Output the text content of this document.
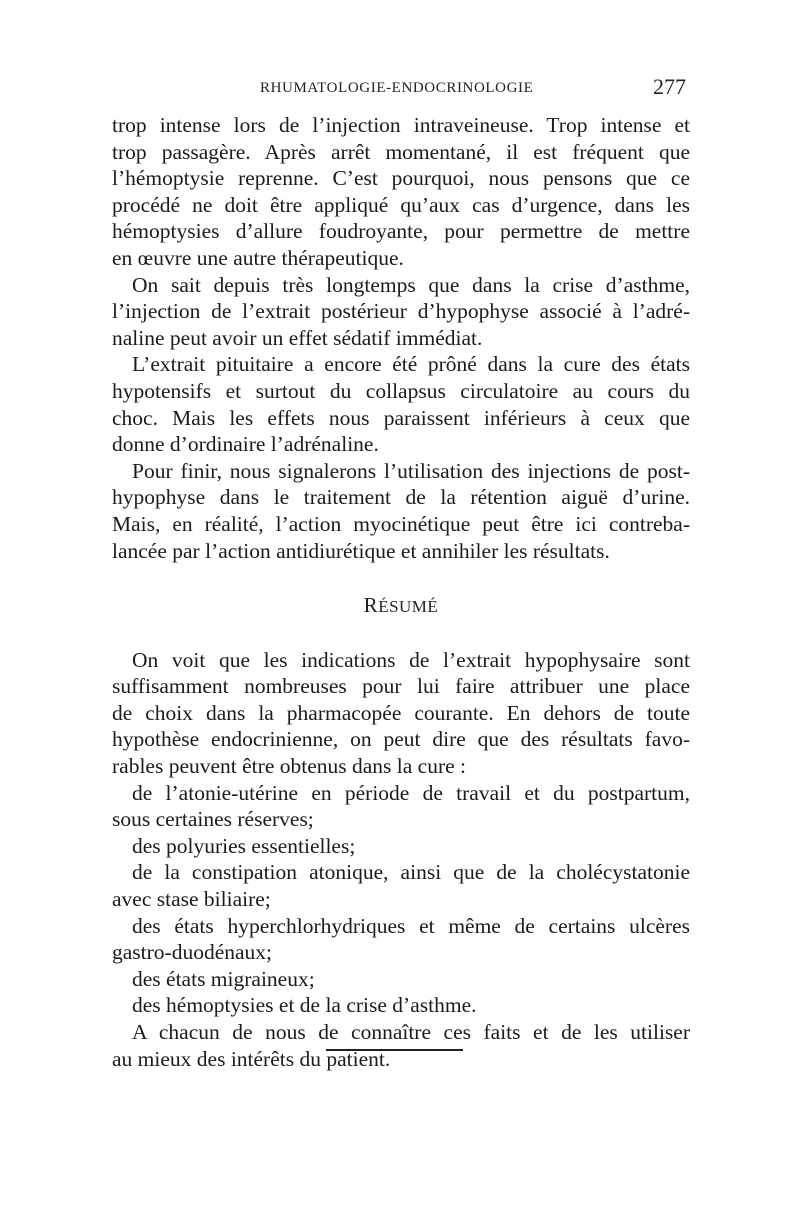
RHUMATOLOGIE-ENDOCRINOLOGIE	277
trop intense lors de l’injection intraveineuse. Trop intense et
trop passagère. Après arrêt momentané, il est fréquent que
l’hémoptysie reprenne. C’est pourquoi, nous pensons que ce
procédé ne doit être appliqué qu’aux cas d’urgence, dans les
hémoptysies d’allure foudroyante, pour permettre de mettre
en œuvre une autre thérapeutique.
On sait depuis très longtemps que dans la crise d’asthme,
l’injection de l’extrait postérieur d’hypophyse associé à l’adré-
naline peut avoir un effet sédatif immédiat.
L’extrait pituitaire a encore été prôné dans la cure des états
hypotensifs et surtout du collapsus circulatoire au cours du
choc. Mais les effets nous paraissent inférieurs à ceux que
donne d’ordinaire l’adrénaline.
Pour finir, nous signalerons l’utilisation des injections de post-
hypophyse dans le traitement de la rétention aiguë d’urine.
Mais, en réalité, l’action myocinétique peut être ici contreba-
lancée par l’action antidiurétique et annihiler les résultats.
RÉSUMÉ
On voit que les indications de l’extrait hypophysaire sont
suffisamment nombreuses pour lui faire attribuer une place
de choix dans la pharmacopée courante. En dehors de toute
hypothèse endocrinienne, on peut dire que des résultats favo-
rables peuvent être obtenus dans la cure :
de l’atonie-utérine en période de travail et du postpartum,
sous certaines réserves;
des polyuries essentielles;
de la constipation atonique, ainsi que de la cholécystatonie
avec stase biliaire;
des états hyperchlorhydriques et même de certains ulcères
gastro-duodénaux;
des états migraineux;
des hémoptysies et de la crise d’asthme.
A chacun de nous de connaître ces faits et de les utiliser
au mieux des intérêts du patient.
